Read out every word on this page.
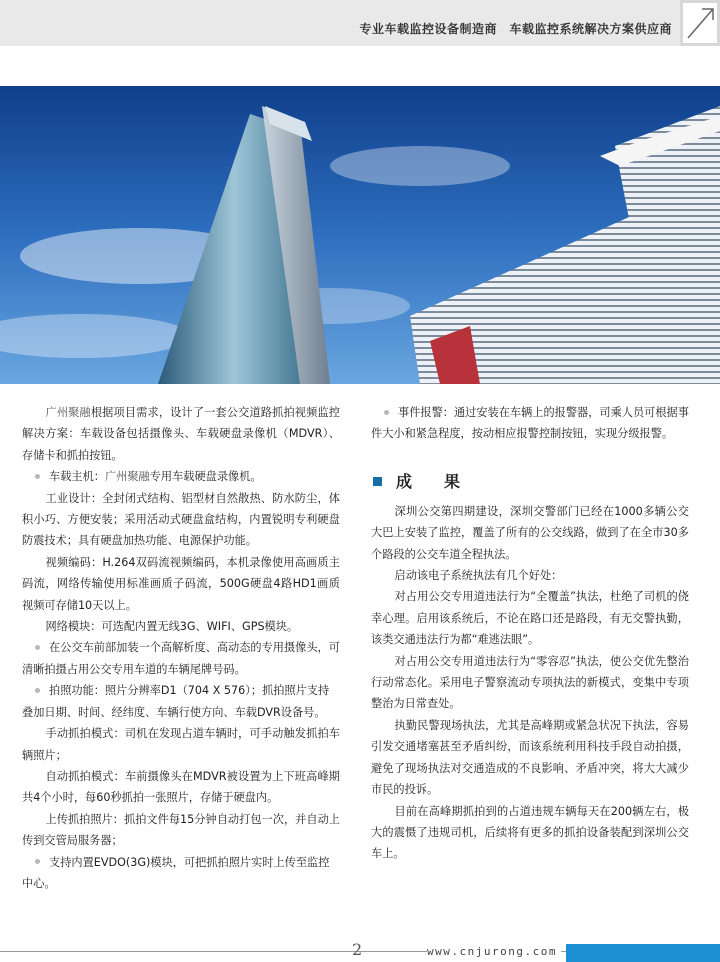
专业车载监控设备制造商　车载监控系统解决方案供应商

广州聚融根据项目需求，设计了一套公交道路抓拍视频监控解决方案：车载设备包括摄像头、车载硬盘录像机（MDVR）、存储卡和抓拍按钮。

车载主机：广州聚融专用车载硬盘录像机。

工业设计：全封闭式结构、铝型材自然散热、防水防尘，体积小巧、方便安装；采用活动式硬盘盒结构，内置锐明专利硬盘防震技术；具有硬盘加热功能、电源保护功能。

视频编码：H.264双码流视频编码，本机录像使用高画质主码流，网络传输使用标准画质子码流，500G硬盘4路HD1画质视频可存储10天以上。

网络模块：可选配内置无线3G、WIFI、GPS模块。

在公交车前部加装一个高解析度、高动态的专用摄像头，可清晰拍摄占用公交专用车道的车辆尾牌号码。

拍照功能：照片分辨率D1（704 X 576）；抓拍照片支持叠加日期、时间、经纬度、车辆行使方向、车载DVR设备号。

手动抓拍模式：司机在发现占道车辆时，可手动触发抓拍车辆照片；

自动抓拍模式：车前摄像头在MDVR被设置为上下班高峰期共4个小时，每60秒抓拍一张照片，存储于硬盘内。

上传抓拍照片：抓拍文件每15分钟自动打包一次，并自动上传到交管局服务器；

支持内置EVDO(3G)模块，可把抓拍照片实时上传至监控中心。

事件报警：通过安装在车辆上的报警器，司乘人员可根据事件大小和紧急程度，按动相应报警控制按钮，实现分级报警。

成　果

深圳公交第四期建设，深圳交警部门已经在1000多辆公交大巴上安装了监控，覆盖了所有的公交线路，做到了在全市30多个路段的公交车道全程执法。

启动该电子系统执法有几个好处：

对占用公交专用道违法行为“全覆盖”执法，杜绝了司机的侥幸心理。启用该系统后，不论在路口还是路段，有无交警执勤，该类交通违法行为都“难逃法眼”。

对占用公交专用道违法行为“零容忍”执法，使公交优先整治行动常态化。采用电子警察流动专项执法的新模式，变集中专项整治为日常查处。

执勤民警现场执法，尤其是高峰期或紧急状况下执法，容易引发交通堵塞甚至矛盾纠纷，而该系统利用科技手段自动拍摄，避免了现场执法对交通造成的不良影响、矛盾冲突，将大大减少市民的投诉。

目前在高峰期抓拍到的占道违规车辆每天在200辆左右，极大的震慑了违规司机，后续将有更多的抓拍设备装配到深圳公交车上。

2	www.cnjurong.com
